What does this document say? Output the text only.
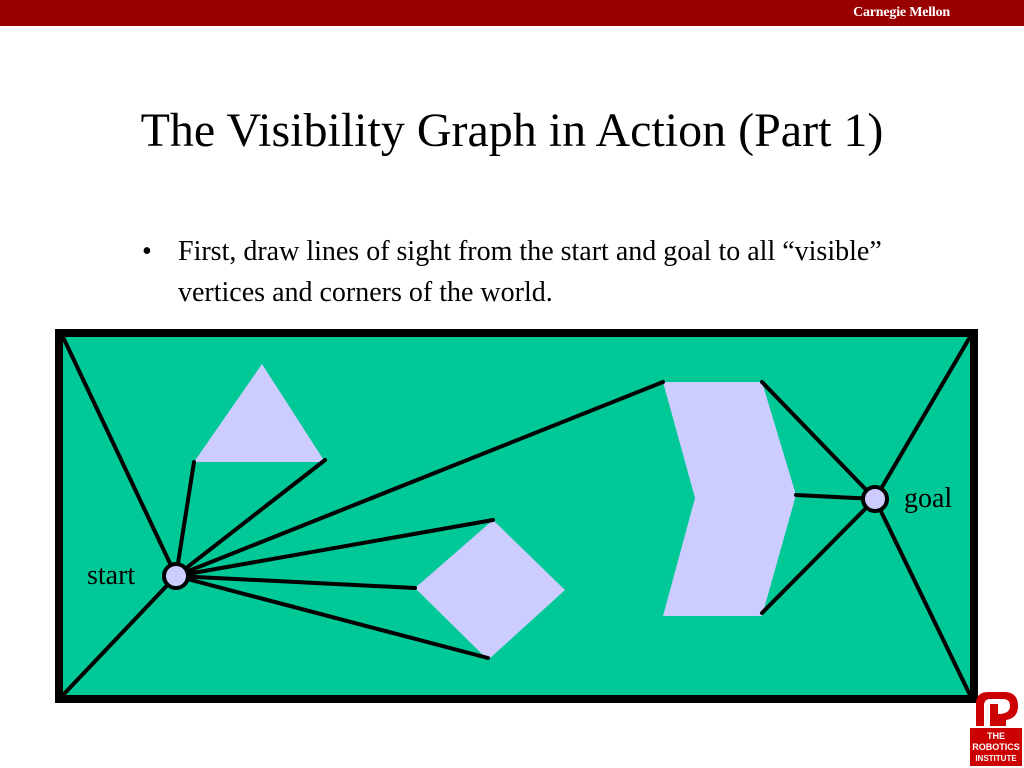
Carnegie Mellon
The Visibility Graph in Action (Part 1)
• First, draw lines of sight from the start and goal to all “visible” vertices and corners of the world.
start
goal
THE
ROBOTICS
INSTITUTE
